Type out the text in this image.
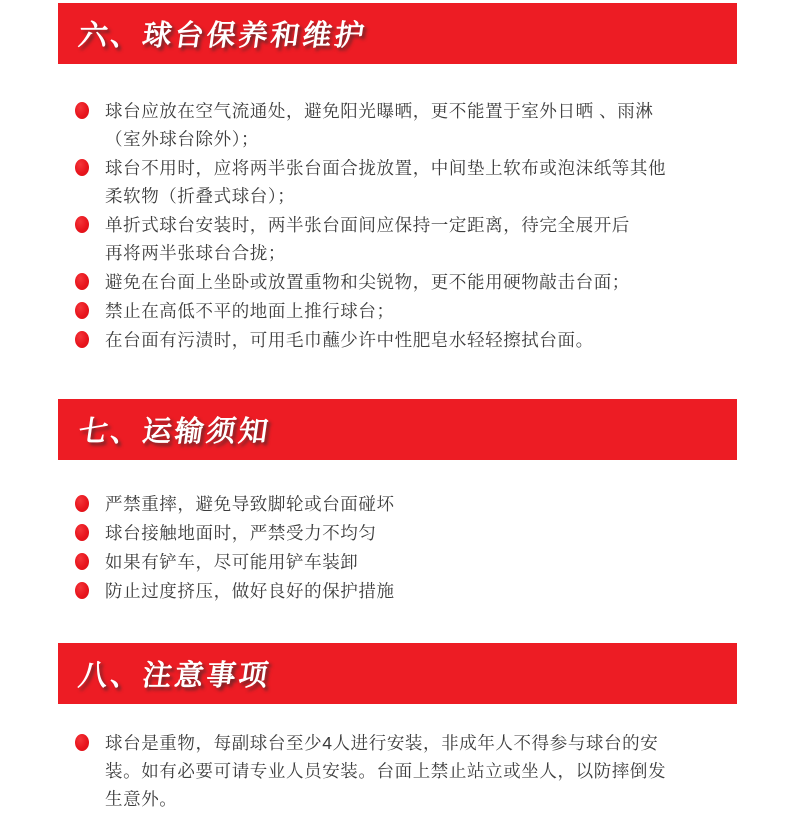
六、球台保养和维护
球台应放在空气流通处，避免阳光曝晒，更不能置于室外日晒 、雨淋
（室外球台除外）；
球台不用时，应将两半张台面合拢放置，中间垫上软布或泡沫纸等其他
柔软物（折叠式球台）；
单折式球台安装时，两半张台面间应保持一定距离，待完全展开后
再将两半张球台合拢；
避免在台面上坐卧或放置重物和尖锐物，更不能用硬物敲击台面；
禁止在高低不平的地面上推行球台；
在台面有污渍时，可用毛巾蘸少许中性肥皂水轻轻擦拭台面。
七、运输须知
严禁重摔，避免导致脚轮或台面碰坏
球台接触地面时，严禁受力不均匀
如果有铲车，尽可能用铲车装卸
防止过度挤压，做好良好的保护措施
八、注意事项
球台是重物，每副球台至少4人进行安装，非成年人不得参与球台的安
装。如有必要可请专业人员安装。台面上禁止站立或坐人，以防摔倒发
生意外。
